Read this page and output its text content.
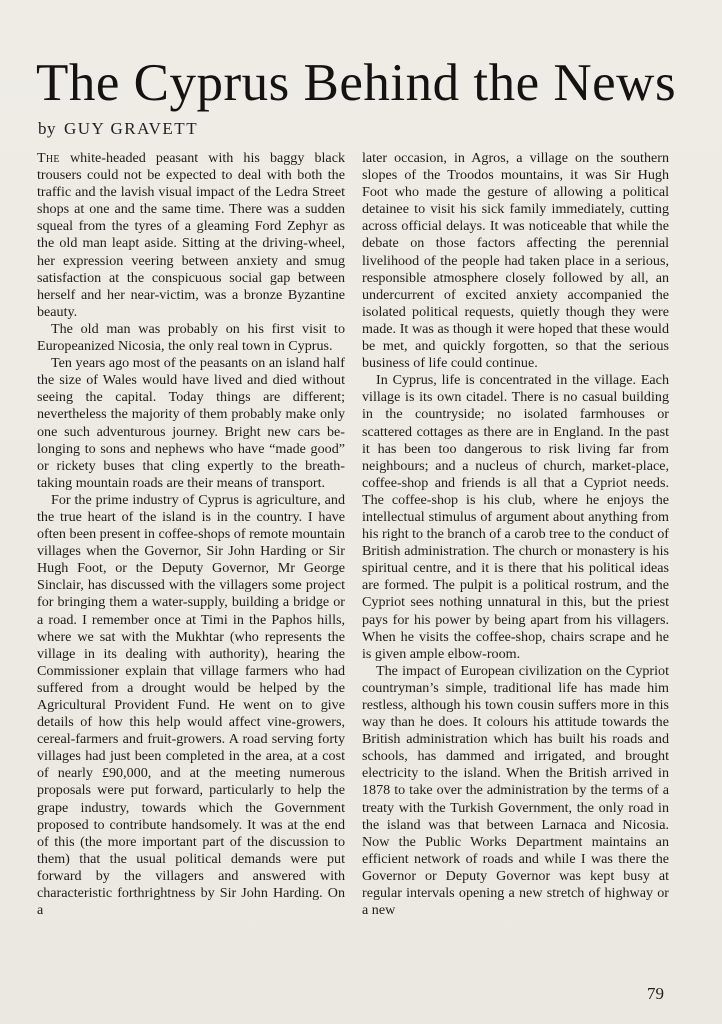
The Cyprus Behind the News
by GUY GRAVETT

The white-headed peasant with his baggy black trousers could not be expected to deal with both the traffic and the lavish visual impact of the Ledra Street shops at one and the same time. There was a sudden squeal from the tyres of a gleaming Ford Zephyr as the old man leapt aside. Sitting at the driving-wheel, her expression veering between anxiety and smug satisfaction at the conspicuous social gap between herself and her near-victim, was a bronze Byzantine beauty.

The old man was probably on his first visit to Europeanized Nicosia, the only real town in Cyprus.

Ten years ago most of the peasants on an island half the size of Wales would have lived and died without seeing the capital. Today things are different; nevertheless the majority of them probably make only one such adventurous journey. Bright new cars belonging to sons and nephews who have “made good” or rickety buses that cling expertly to the breath-taking mountain roads are their means of transport.

For the prime industry of Cyprus is agriculture, and the true heart of the island is in the country. I have often been present in coffee-shops of remote mountain villages when the Governor, Sir John Harding or Sir Hugh Foot, or the Deputy Governor, Mr George Sinclair, has discussed with the villagers some project for bringing them a water-supply, building a bridge or a road. I remember once at Timi in the Paphos hills, where we sat with the Mukhtar (who represents the village in its dealing with authority), hearing the Commissioner explain that village farmers who had suffered from a drought would be helped by the Agricultural Provident Fund. He went on to give details of how this help would affect vine-growers, cereal-farmers and fruit-growers. A road serving forty villages had just been completed in the area, at a cost of nearly £90,000, and at the meeting numerous proposals were put forward, particularly to help the grape industry, towards which the Government proposed to contribute handsomely. It was at the end of this (the more important part of the discussion to them) that the usual political demands were put forward by the villagers and answered with characteristic forthrightness by Sir John Harding. On a

later occasion, in Agros, a village on the southern slopes of the Troodos mountains, it was Sir Hugh Foot who made the gesture of allowing a political detainee to visit his sick family immediately, cutting across official delays. It was noticeable that while the debate on those factors affecting the perennial livelihood of the people had taken place in a serious, responsible atmosphere closely followed by all, an undercurrent of excited anxiety accompanied the isolated political requests, quietly though they were made. It was as though it were hoped that these would be met, and quickly forgotten, so that the serious business of life could continue.

In Cyprus, life is concentrated in the village. Each village is its own citadel. There is no casual building in the countryside; no isolated farmhouses or scattered cottages as there are in England. In the past it has been too dangerous to risk living far from neighbours; and a nucleus of church, market-place, coffee-shop and friends is all that a Cypriot needs. The coffee-shop is his club, where he enjoys the intellectual stimulus of argument about anything from his right to the branch of a carob tree to the conduct of British administration. The church or monastery is his spiritual centre, and it is there that his political ideas are formed. The pulpit is a political rostrum, and the Cypriot sees nothing unnatural in this, but the priest pays for his power by being apart from his villagers. When he visits the coffee-shop, chairs scrape and he is given ample elbow-room.

The impact of European civilization on the Cypriot countryman’s simple, traditional life has made him restless, although his town cousin suffers more in this way than he does. It colours his attitude towards the British administration which has built his roads and schools, has dammed and irrigated, and brought electricity to the island. When the British arrived in 1878 to take over the administration by the terms of a treaty with the Turkish Government, the only road in the island was that between Larnaca and Nicosia. Now the Public Works Department maintains an efficient network of roads and while I was there the Governor or Deputy Governor was kept busy at regular intervals opening a new stretch of highway or a new

79
